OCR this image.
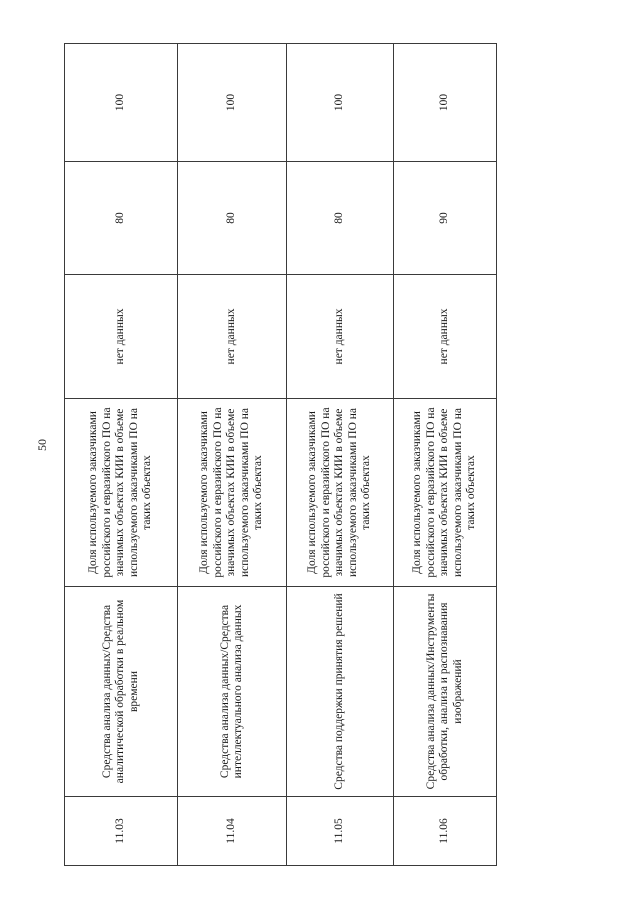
50
11.03	Средства анализа данных/Средства аналитической обработки в реальном времени	Доля используемого заказчиками российского и евразийского ПО на значимых объектах КИИ в объеме используемого заказчиками ПО на таких объектах	нет данных	80	100
11.04	Средства анализа данных/Средства интеллектуального анализа данных	Доля используемого заказчиками российского и евразийского ПО на значимых объектах КИИ в объеме используемого заказчиками ПО на таких объектах	нет данных	80	100
11.05	Средства поддержки принятия решений	Доля используемого заказчиками российского и евразийского ПО на значимых объектах КИИ в объеме используемого заказчиками ПО на таких объектах	нет данных	80	100
11.06	Средства анализа данных/Инструменты обработки, анализа и распознавания изображений	Доля используемого заказчиками российского и евразийского ПО на значимых объектах КИИ в объеме используемого заказчиками ПО на таких объектах	нет данных	90	100
